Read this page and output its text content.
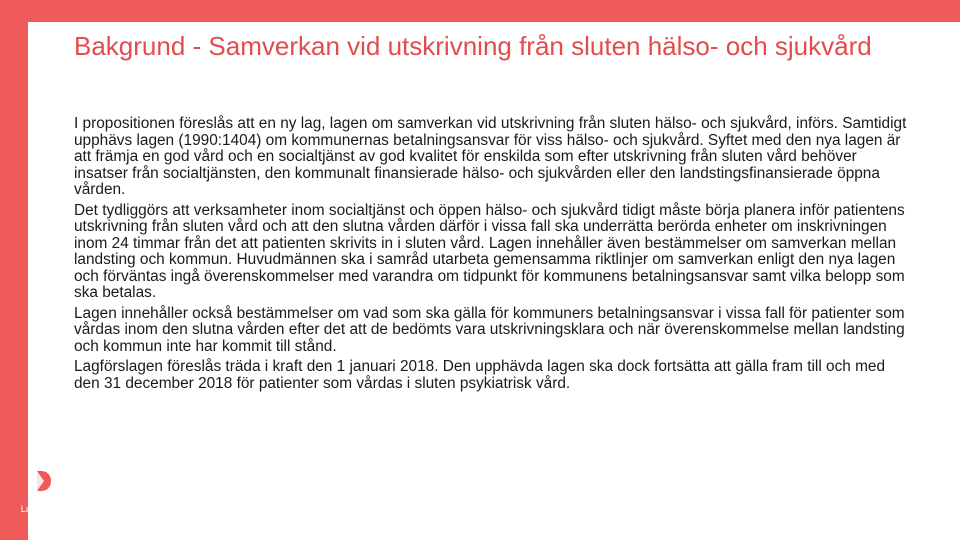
Bakgrund - Samverkan vid utskrivning från sluten hälso- och sjukvård

I propositionen föreslås att en ny lag, lagen om samverkan vid utskrivning från sluten hälso- och sjukvård, införs. Samtidigt upphävs lagen (1990:1404) om kommunernas betalningsansvar för viss hälso- och sjukvård. Syftet med den nya lagen är att främja en god vård och en socialtjänst av god kvalitet för enskilda som efter utskrivning från sluten vård behöver insatser från socialtjänsten, den kommunalt finansierade hälso- och sjukvården eller den landstingsfinansierade öppna vården.

Det tydliggörs att verksamheter inom socialtjänst och öppen hälso- och sjukvård tidigt måste börja planera inför patientens utskrivning från sluten vård och att den slutna vården därför i vissa fall ska underrätta berörda enheter om inskrivningen inom 24 timmar från det att patienten skrivits in i sluten vård. Lagen innehåller även bestämmelser om samverkan mellan landsting och kommun. Huvudmännen ska i samråd utarbeta gemensamma riktlinjer om samverkan enligt den nya lagen och förväntas ingå överenskommelser med varandra om tidpunkt för kommunens betalningsansvar samt vilka belopp som ska betalas.

Lagen innehåller också bestämmelser om vad som ska gälla för kommuners betalningsansvar i vissa fall för patienter som vårdas inom den slutna vården efter det att de bedömts vara utskrivningsklara och när överenskommelse mellan landsting och kommun inte har kommit till stånd.

Lagförslagen föreslås träda i kraft den 1 januari 2018. Den upphävda lagen ska dock fortsätta att gälla fram till och med den 31 december 2018 för patienter som vårdas i sluten psykiatrisk vård.

Landstinget
DALARNA
